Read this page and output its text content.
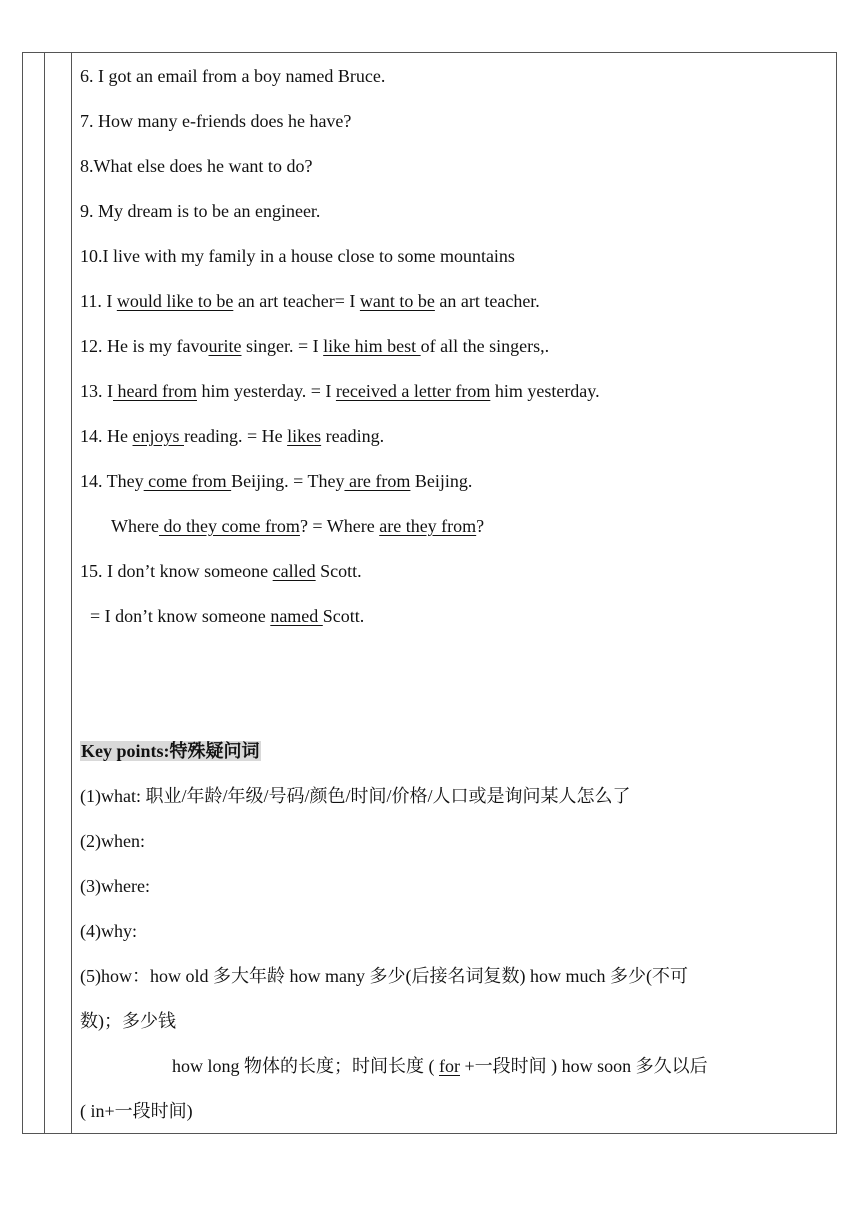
6. I got an email from a boy named Bruce.
7. How many e-friends does he have?
8.What else does he want to do?
9. My dream is to be an engineer.
10.I live with my family in a house close to some mountains
11. I would like to be an art teacher= I want to be an art teacher.
12. He is my favourite singer. = I like him best of all the singers,.
13. I heard from him yesterday. = I received a letter from him yesterday.
14. He enjoys reading. = He likes reading.
14. They come from Beijing. = They are from Beijing.
Where do they come from? = Where are they from?
15. I don’t know someone called Scott.
= I don’t know someone named Scott.
Key points:特殊疑问词
(1)what: 职业/年龄/年级/号码/颜色/时间/价格/人口或是询问某人怎么了
(2)when:
(3)where:
(4)why:
(5)how：how old 多大年龄 how many 多少(后接名词复数) how much 多少(不可
数)；多少钱
how long 物体的长度；时间长度 ( for +一段时间 ) how soon 多久以后
( in+一段时间)
